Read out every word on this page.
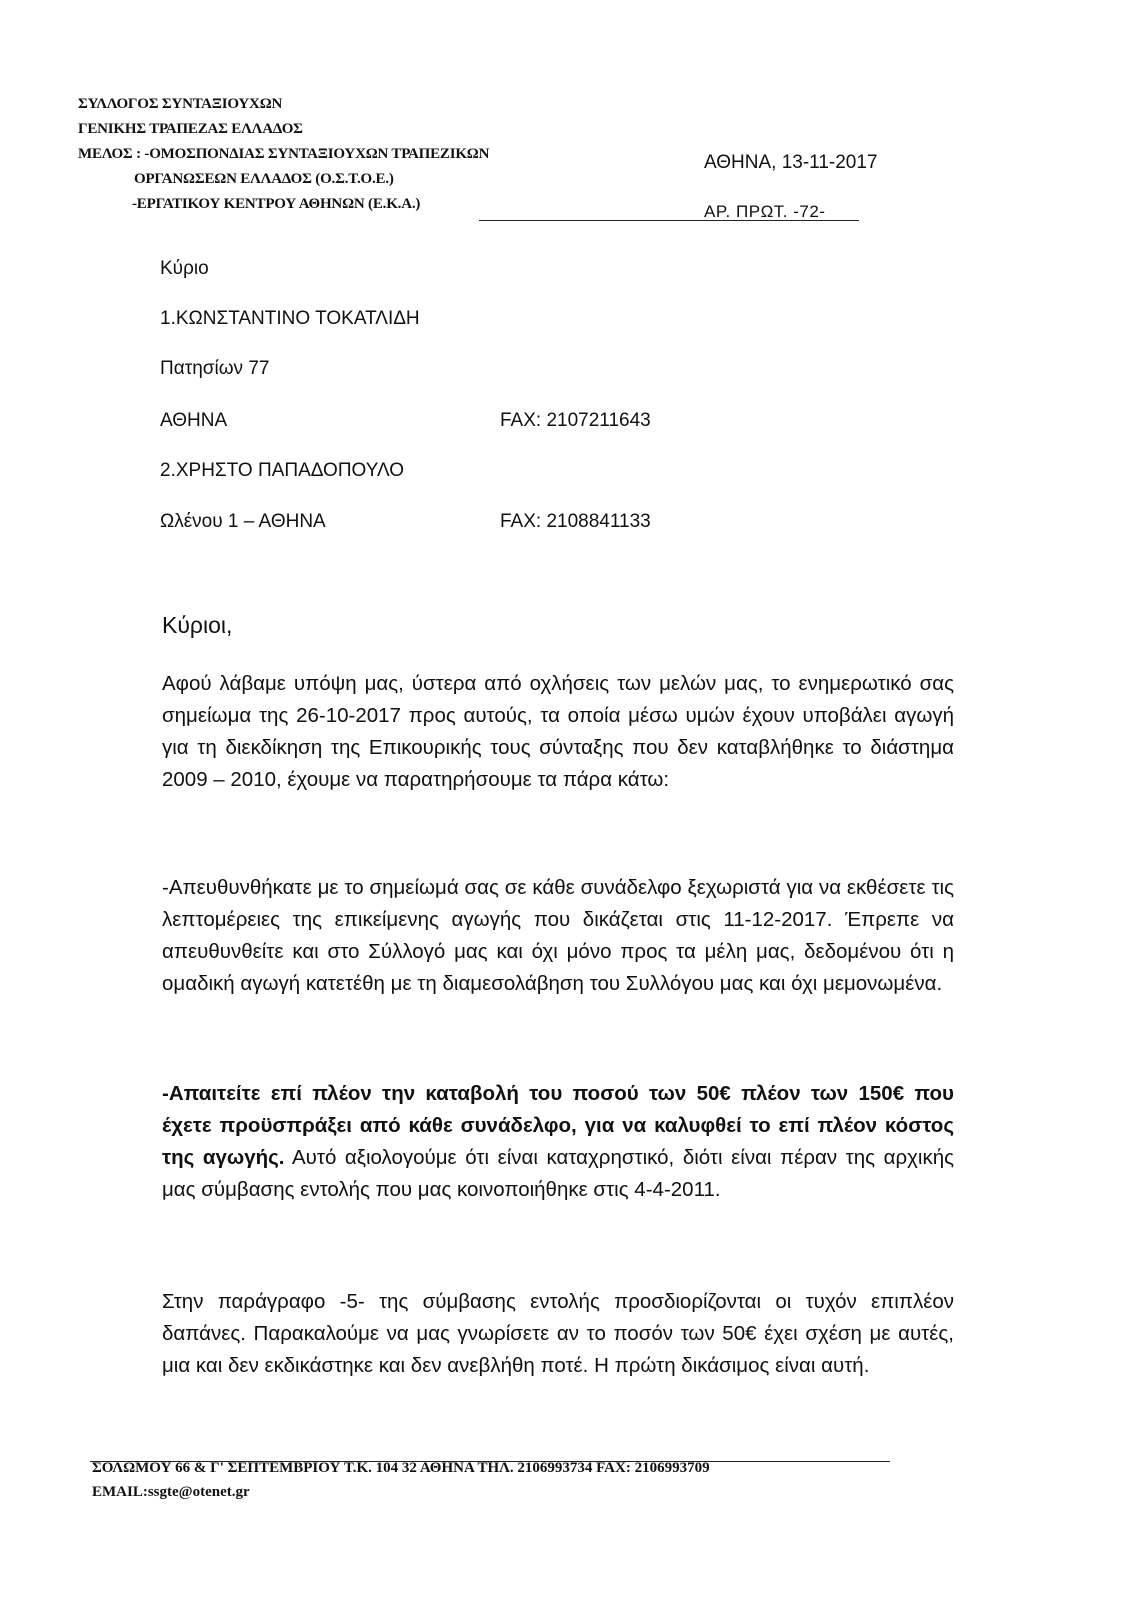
ΣΥΛΛΟΓΟΣ ΣΥΝΤΑΞΙΟΥΧΩΝ
ΓΕΝΙΚΗΣ ΤΡΑΠΕΖΑΣ ΕΛΛΑΔΟΣ
ΜΕΛΟΣ : -ΟΜΟΣΠΟΝΔΙΑΣ ΣΥΝΤΑΞΙΟΥΧΩΝ ΤΡΑΠΕΖΙΚΩΝ
ΟΡΓΑΝΩΣΕΩΝ ΕΛΛΑΔΟΣ (Ο.Σ.Τ.Ο.Ε.)
-ΕΡΓΑΤΙΚΟΥ ΚΕΝΤΡΟΥ ΑΘΗΝΩΝ (Ε.Κ.Α.)
ΑΘΗΝΑ, 13-11-2017
ΑΡ. ΠΡΩΤ. -72-
Κύριο
1.ΚΩΝΣΤΑΝΤΙΝΟ ΤΟΚΑΤΛΙΔΗ
Πατησίων 77
ΑΘΗΝΑ	FAX: 2107211643
2.ΧΡΗΣΤΟ ΠΑΠΑΔΟΠΟΥΛΟ
Ωλένου 1 – ΑΘΗΝΑ	FAX: 2108841133
Κύριοι,
Αφού λάβαμε υπόψη μας, ύστερα από οχλήσεις των μελών μας, το ενημερωτικό σας σημείωμα της 26-10-2017 προς αυτούς, τα οποία μέσω υμών έχουν υποβάλει αγωγή για τη διεκδίκηση της Επικουρικής τους σύνταξης που δεν καταβλήθηκε το διάστημα 2009 – 2010, έχουμε να παρατηρήσουμε τα πάρα κάτω:
-Απευθυνθήκατε με το σημείωμά σας σε κάθε συνάδελφο ξεχωριστά για να εκθέσετε τις λεπτομέρειες της επικείμενης αγωγής που δικάζεται στις 11-12-2017. Έπρεπε να απευθυνθείτε και στο Σύλλογό μας και όχι μόνο προς τα μέλη μας, δεδομένου ότι η ομαδική αγωγή κατετέθη με τη διαμεσολάβηση του Συλλόγου μας και όχι μεμονωμένα.
-Απαιτείτε επί πλέον την καταβολή του ποσού των 50€ πλέον των 150€ που έχετε προϋσπράξει από κάθε συνάδελφο, για να καλυφθεί το επί πλέον κόστος της αγωγής. Αυτό αξιολογούμε ότι είναι καταχρηστικό, διότι είναι πέραν της αρχικής μας σύμβασης εντολής που μας κοινοποιήθηκε στις 4-4-2011.
Στην παράγραφο -5- της σύμβασης εντολής προσδιορίζονται οι τυχόν επιπλέον δαπάνες. Παρακαλούμε να μας γνωρίσετε αν το ποσόν των 50€ έχει σχέση με αυτές, μια και δεν εκδικάστηκε και δεν ανεβλήθη ποτέ. Η πρώτη δικάσιμος είναι αυτή.
ΣΟΛΩΜΟΥ 66 & Γ' ΣΕΠΤΕΜΒΡΙΟΥ Τ.Κ. 104 32 ΑΘΗΝΑ ΤΗΛ. 2106993734 FAX: 2106993709
EMAIL:ssgte@otenet.gr
